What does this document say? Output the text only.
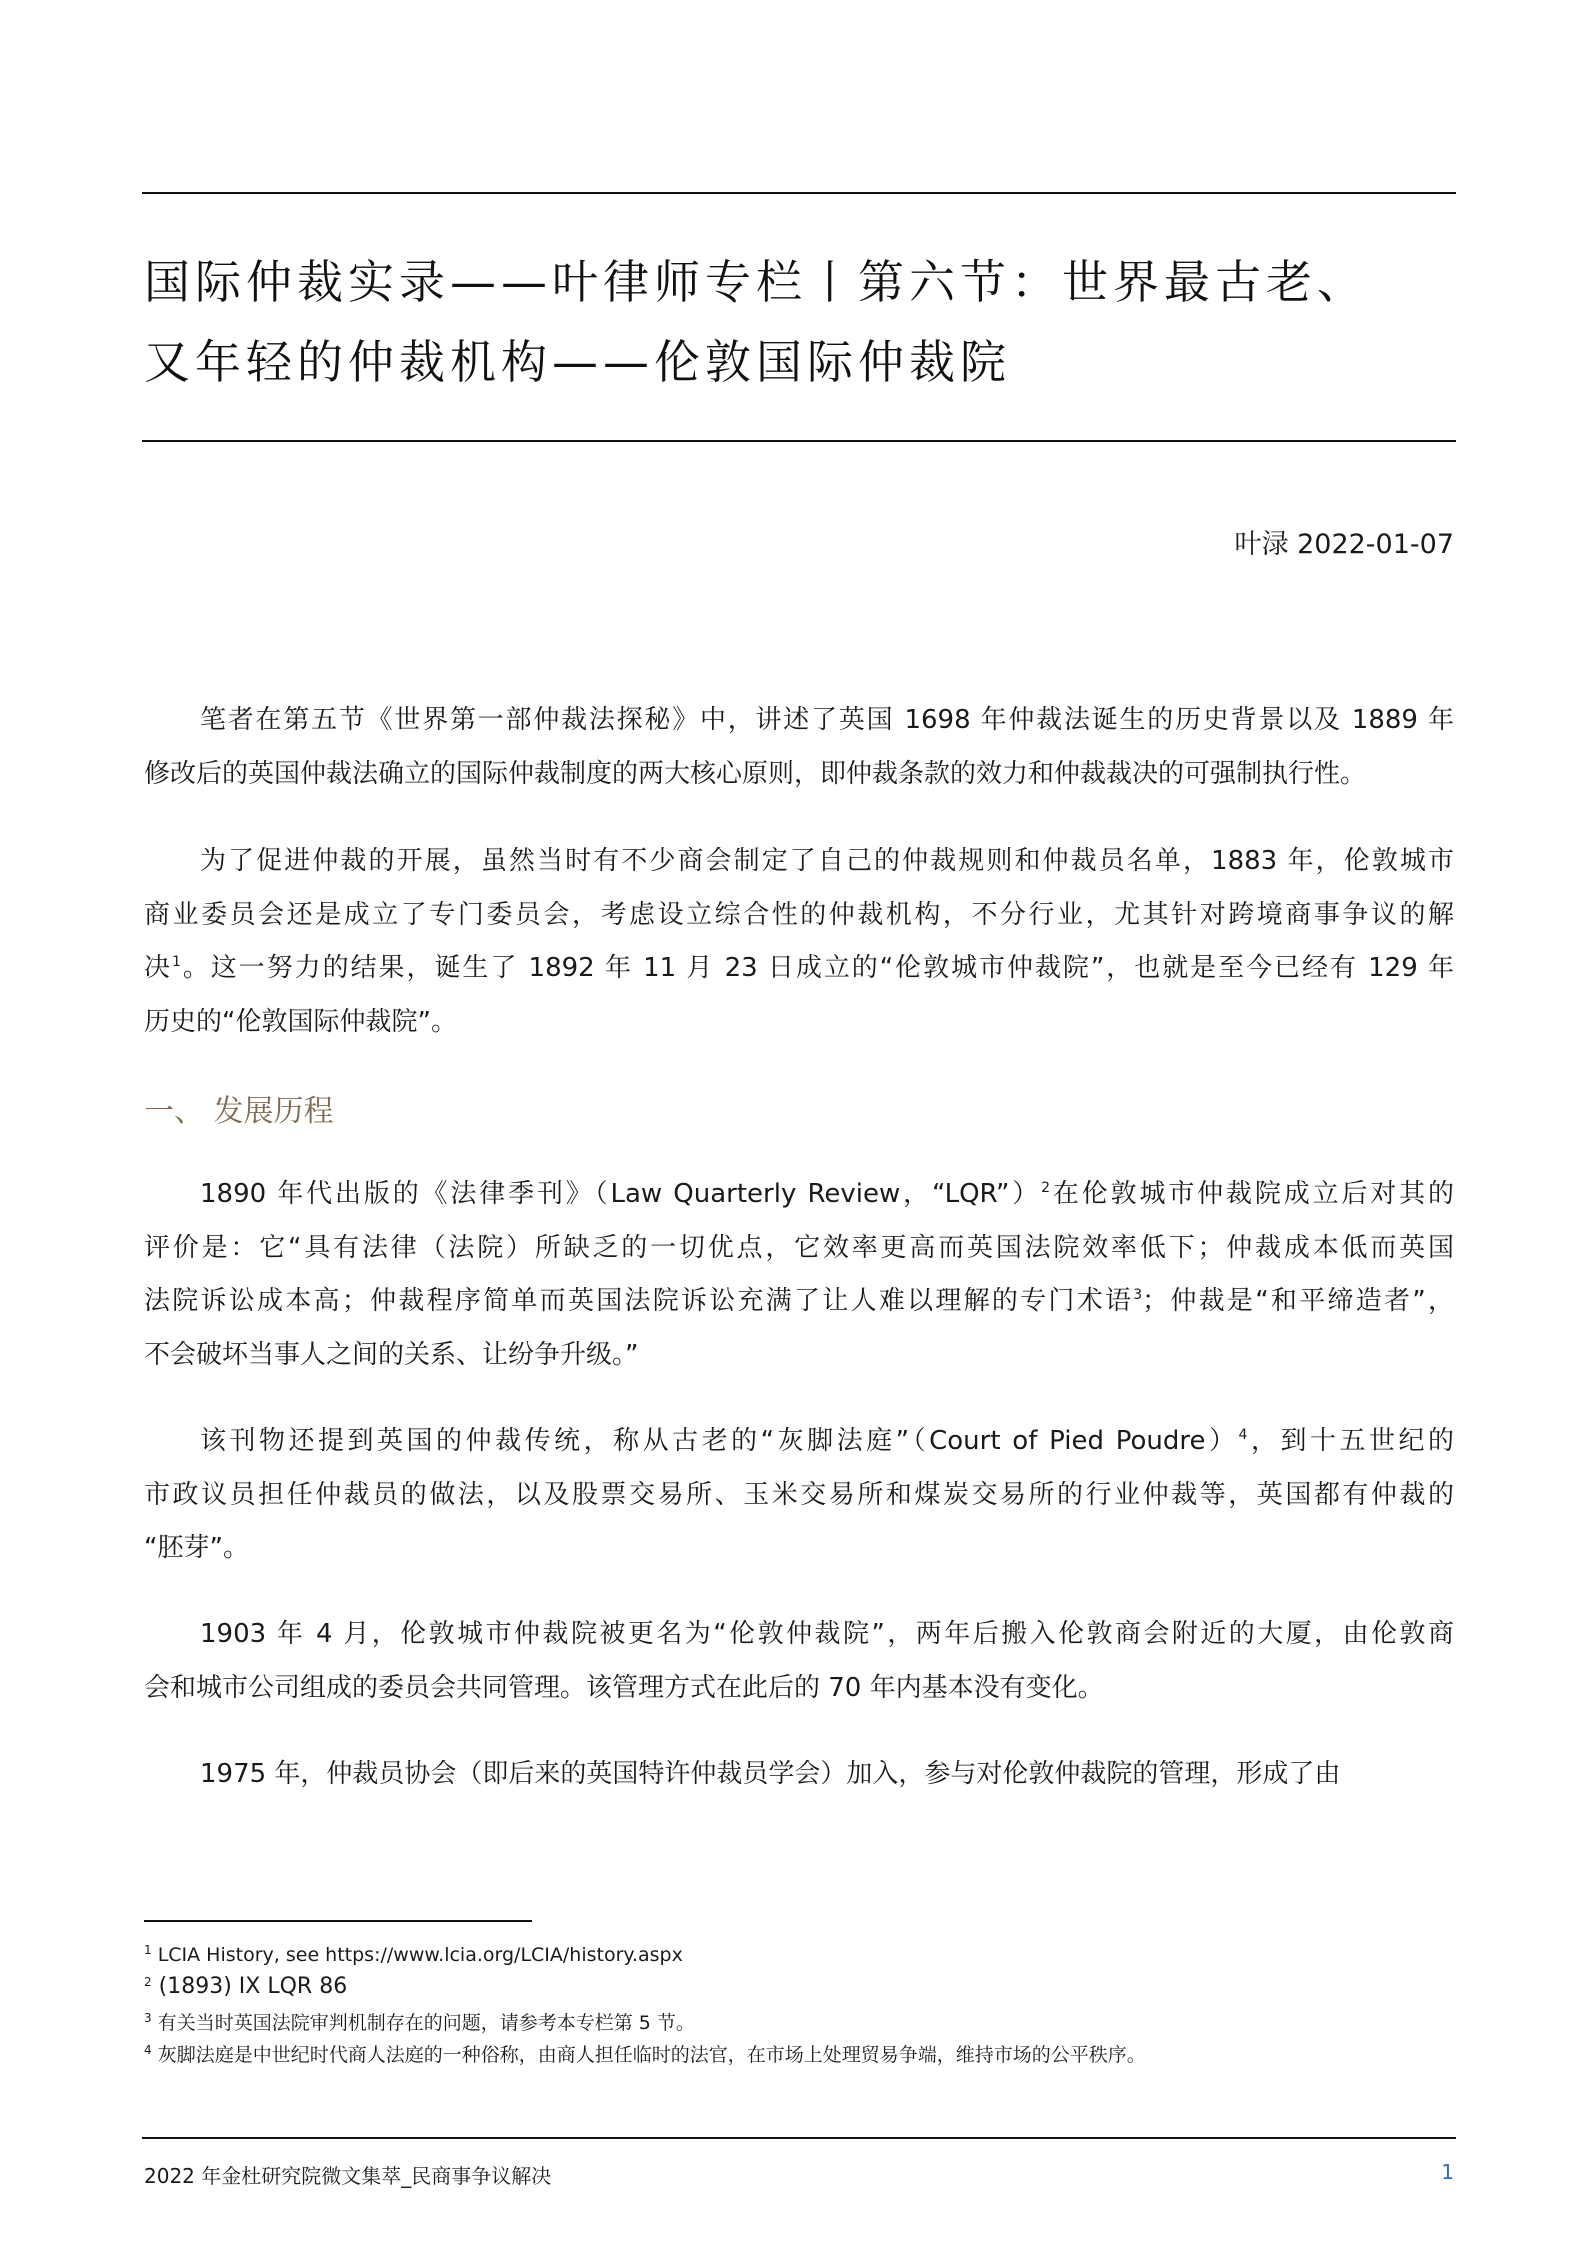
国际仲裁实录——叶律师专栏丨第六节：世界最古老、
又年轻的仲裁机构——伦敦国际仲裁院
叶渌 2022-01-07
笔者在第五节《世界第一部仲裁法探秘》中，讲述了英国 1698 年仲裁法诞生的历史背景以及 1889 年
修改后的英国仲裁法确立的国际仲裁制度的两大核心原则，即仲裁条款的效力和仲裁裁决的可强制执行性。
为了促进仲裁的开展，虽然当时有不少商会制定了自己的仲裁规则和仲裁员名单，1883 年，伦敦城市
商业委员会还是成立了专门委员会，考虑设立综合性的仲裁机构，不分行业，尤其针对跨境商事争议的解
决$^1$。这一努力的结果，诞生了 1892 年 11 月 23 日成立的“伦敦城市仲裁院”，也就是至今已经有 129 年
历史的“伦敦国际仲裁院”。
一、 发展历程
1890 年代出版的《法律季刊》（Law Quarterly Review，“LQR”）$^2$在伦敦城市仲裁院成立后对其的
评价是：它“具有法律（法院）所缺乏的一切优点，它效率更高而英国法院效率低下；仲裁成本低而英国
法院诉讼成本高；仲裁程序简单而英国法院诉讼充满了让人难以理解的专门术语$^3$；仲裁是“和平缔造者”，
不会破坏当事人之间的关系、让纷争升级。”
该刊物还提到英国的仲裁传统，称从古老的“灰脚法庭”（Court of Pied Poudre）$^4$，到十五世纪的
市政议员担任仲裁员的做法，以及股票交易所、玉米交易所和煤炭交易所的行业仲裁等，英国都有仲裁的
“胚芽”。
1903 年 4 月，伦敦城市仲裁院被更名为“伦敦仲裁院”，两年后搬入伦敦商会附近的大厦，由伦敦商
会和城市公司组成的委员会共同管理。该管理方式在此后的 70 年内基本没有变化。
1975 年，仲裁员协会（即后来的英国特许仲裁员学会）加入，参与对伦敦仲裁院的管理，形成了由
$^1$ LCIA History, see https://www.lcia.org/LCIA/history.aspx
$^2$ (1893) IX LQR 86
$^3$ 有关当时英国法院审判机制存在的问题，请参考本专栏第 5 节。
$^4$ 灰脚法庭是中世纪时代商人法庭的一种俗称，由商人担任临时的法官，在市场上处理贸易争端，维持市场的公平秩序。
2022 年金杜研究院微文集萃_民商事争议解决	1
